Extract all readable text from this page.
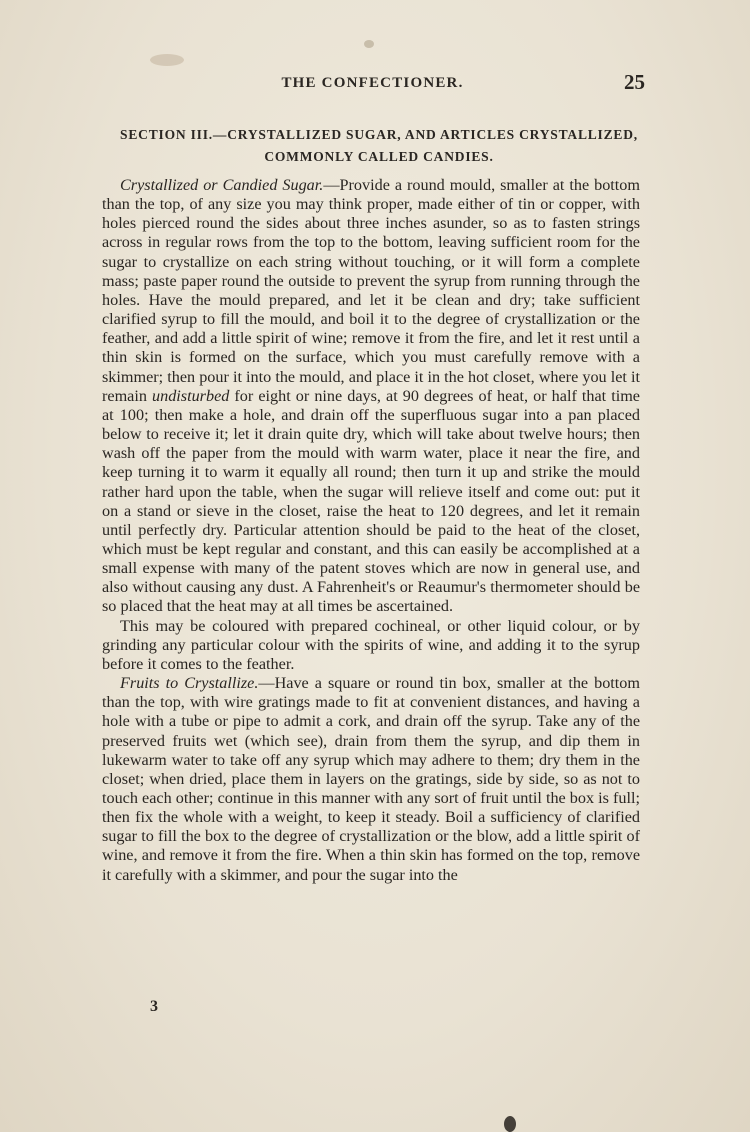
THE CONFECTIONER.	25
SECTION III.—CRYSTALLIZED SUGAR, AND ARTICLES CRYSTALLIZED, COMMONLY CALLED CANDIES.

Crystallized or Candied Sugar.—Provide a round mould, smaller at the bottom than the top, of any size you may think proper, made either of tin or copper, with holes pierced round the sides about three inches asunder, so as to fasten strings across in regular rows from the top to the bottom, leaving sufficient room for the sugar to crystallize on each string without touching, or it will form a complete mass; paste paper round the outside to prevent the syrup from running through the holes. Have the mould prepared, and let it be clean and dry; take sufficient clarified syrup to fill the mould, and boil it to the degree of crystallization or the feather, and add a little spirit of wine; remove it from the fire, and let it rest until a thin skin is formed on the surface, which you must carefully remove with a skimmer; then pour it into the mould, and place it in the hot closet, where you let it remain undisturbed for eight or nine days, at 90 degrees of heat, or half that time at 100; then make a hole, and drain off the superfluous sugar into a pan placed below to receive it; let it drain quite dry, which will take about twelve hours; then wash off the paper from the mould with warm water, place it near the fire, and keep turning it to warm it equally all round; then turn it up and strike the mould rather hard upon the table, when the sugar will relieve itself and come out: put it on a stand or sieve in the closet, raise the heat to 120 degrees, and let it remain until perfectly dry. Particular attention should be paid to the heat of the closet, which must be kept regular and constant, and this can easily be accomplished at a small expense with many of the patent stoves which are now in general use, and also without causing any dust. A Fahrenheit's or Reaumur's thermometer should be so placed that the heat may at all times be ascertained.

This may be coloured with prepared cochineal, or other liquid colour, or by grinding any particular colour with the spirits of wine, and adding it to the syrup before it comes to the feather.

Fruits to Crystallize.—Have a square or round tin box, smaller at the bottom than the top, with wire gratings made to fit at convenient distances, and having a hole with a tube or pipe to admit a cork, and drain off the syrup. Take any of the preserved fruits wet (which see), drain from them the syrup, and dip them in lukewarm water to take off any syrup which may adhere to them; dry them in the closet; when dried, place them in layers on the gratings, side by side, so as not to touch each other; continue in this manner with any sort of fruit until the box is full; then fix the whole with a weight, to keep it steady. Boil a sufficiency of clarified sugar to fill the box to the degree of crystallization or the blow, add a little spirit of wine, and remove it from the fire. When a thin skin has formed on the top, remove it carefully with a skimmer, and pour the sugar into the

3
